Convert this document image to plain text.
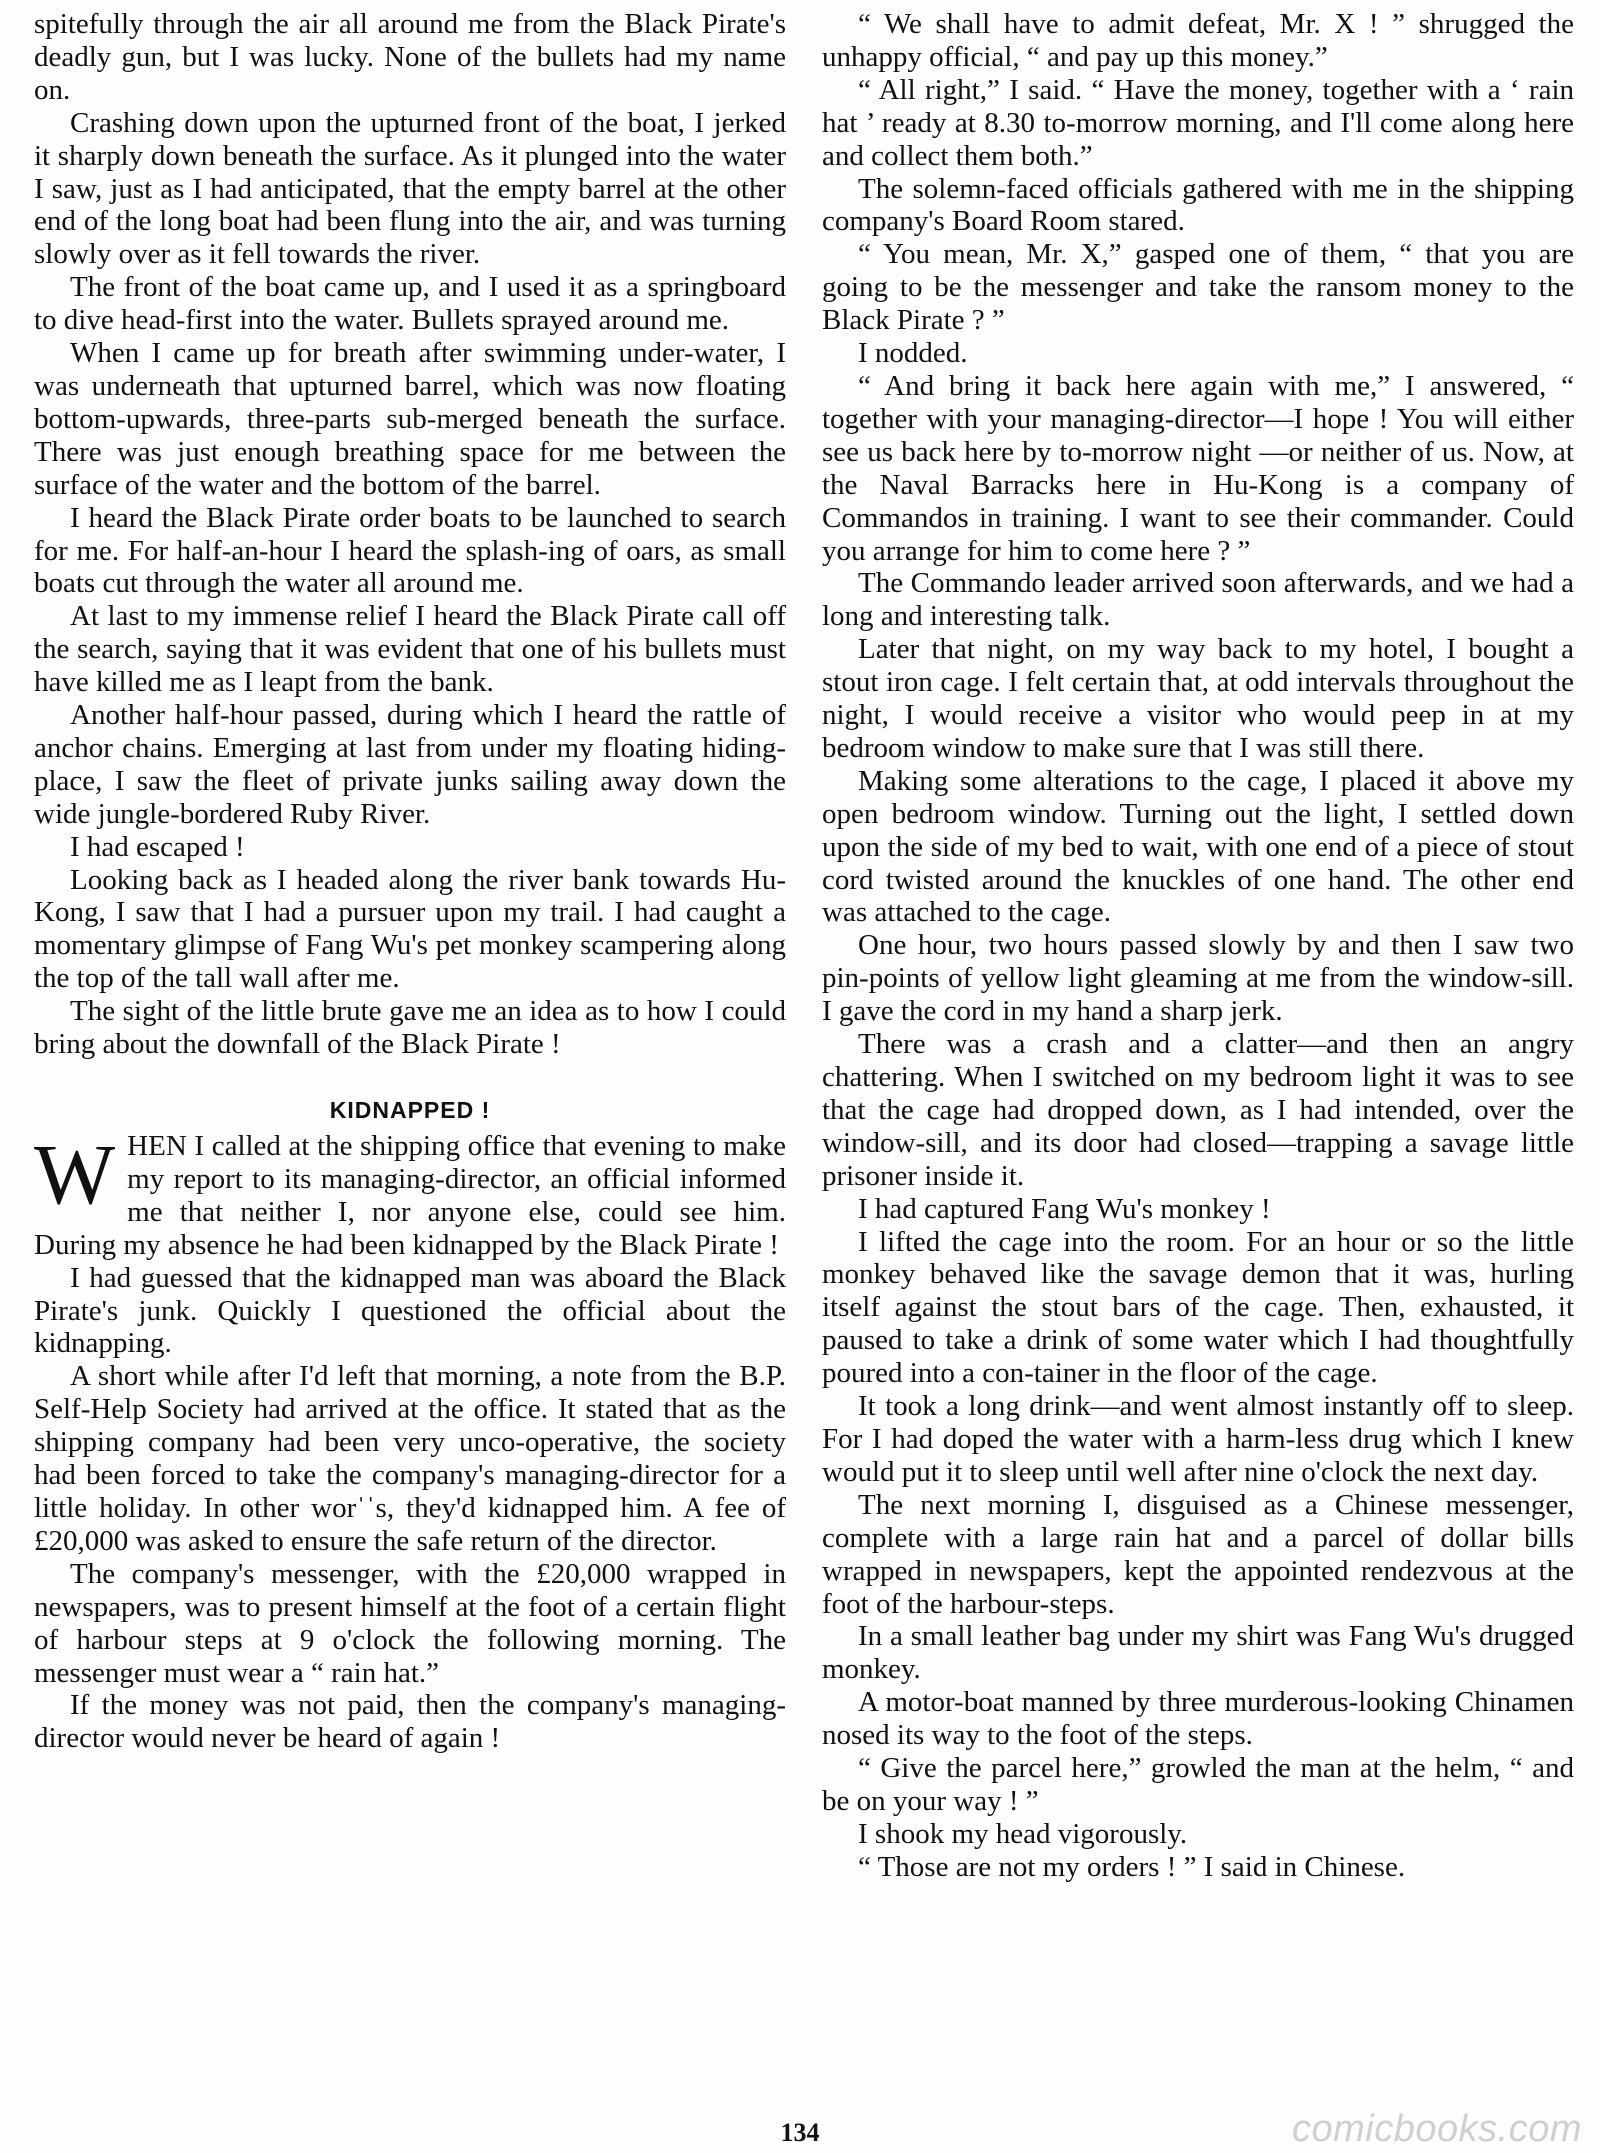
spitefully through the air all around me from the Black Pirate's deadly gun, but I was lucky. None of the bullets had my name on.

Crashing down upon the upturned front of the boat, I jerked it sharply down beneath the surface. As it plunged into the water I saw, just as I had anticipated, that the empty barrel at the other end of the long boat had been flung into the air, and was turning slowly over as it fell towards the river.

The front of the boat came up, and I used it as a springboard to dive head-first into the water. Bullets sprayed around me.

When I came up for breath after swimming under-water, I was underneath that upturned barrel, which was now floating bottom-upwards, three-parts sub-merged beneath the surface. There was just enough breathing space for me between the surface of the water and the bottom of the barrel.

I heard the Black Pirate order boats to be launched to search for me. For half-an-hour I heard the splash-ing of oars, as small boats cut through the water all around me.

At last to my immense relief I heard the Black Pirate call off the search, saying that it was evident that one of his bullets must have killed me as I leapt from the bank.

Another half-hour passed, during which I heard the rattle of anchor chains. Emerging at last from under my floating hiding-place, I saw the fleet of private junks sailing away down the wide jungle-bordered Ruby River.

I had escaped !

Looking back as I headed along the river bank towards Hu-Kong, I saw that I had a pursuer upon my trail. I had caught a momentary glimpse of Fang Wu's pet monkey scampering along the top of the tall wall after me.

The sight of the little brute gave me an idea as to how I could bring about the downfall of the Black Pirate !

KIDNAPPED !

WHEN I called at the shipping office that evening to make my report to its managing-director, an official informed me that neither I, nor anyone else, could see him. During my absence he had been kidnapped by the Black Pirate !

I had guessed that the kidnapped man was aboard the Black Pirate's junk. Quickly I questioned the official about the kidnapping.

A short while after I'd left that morning, a note from the B.P. Self-Help Society had arrived at the office. It stated that as the shipping company had been very unco-operative, the society had been forced to take the company's managing-director for a little holiday. In other worˈˈs, they'd kidnapped him. A fee of £20,000 was asked to ensure the safe return of the director.

The company's messenger, with the £20,000 wrapped in newspapers, was to present himself at the foot of a certain flight of harbour steps at 9 o'clock the following morning. The messenger must wear a “ rain hat.”

If the money was not paid, then the company's managing-director would never be heard of again !

“ We shall have to admit defeat, Mr. X ! ” shrugged the unhappy official, “ and pay up this money.”

“ All right,” I said. “ Have the money, together with a ‘ rain hat ’ ready at 8.30 to-morrow morning, and I'll come along here and collect them both.”

The solemn-faced officials gathered with me in the shipping company's Board Room stared.

“ You mean, Mr. X,” gasped one of them, “ that you are going to be the messenger and take the ransom money to the Black Pirate ? ”

I nodded.

“ And bring it back here again with me,” I answered, “ together with your managing-director—I hope ! You will either see us back here by to-morrow night —or neither of us. Now, at the Naval Barracks here in Hu-Kong is a company of Commandos in training. I want to see their commander. Could you arrange for him to come here ? ”

The Commando leader arrived soon afterwards, and we had a long and interesting talk.

Later that night, on my way back to my hotel, I bought a stout iron cage. I felt certain that, at odd intervals throughout the night, I would receive a visitor who would peep in at my bedroom window to make sure that I was still there.

Making some alterations to the cage, I placed it above my open bedroom window. Turning out the light, I settled down upon the side of my bed to wait, with one end of a piece of stout cord twisted around the knuckles of one hand. The other end was attached to the cage.

One hour, two hours passed slowly by and then I saw two pin-points of yellow light gleaming at me from the window-sill. I gave the cord in my hand a sharp jerk.

There was a crash and a clatter—and then an angry chattering. When I switched on my bedroom light it was to see that the cage had dropped down, as I had intended, over the window-sill, and its door had closed—trapping a savage little prisoner inside it.

I had captured Fang Wu's monkey !

I lifted the cage into the room. For an hour or so the little monkey behaved like the savage demon that it was, hurling itself against the stout bars of the cage. Then, exhausted, it paused to take a drink of some water which I had thoughtfully poured into a con-tainer in the floor of the cage.

It took a long drink—and went almost instantly off to sleep. For I had doped the water with a harm-less drug which I knew would put it to sleep until well after nine o'clock the next day.

The next morning I, disguised as a Chinese messenger, complete with a large rain hat and a parcel of dollar bills wrapped in newspapers, kept the appointed rendezvous at the foot of the harbour-steps.

In a small leather bag under my shirt was Fang Wu's drugged monkey.

A motor-boat manned by three murderous-looking Chinamen nosed its way to the foot of the steps.

“ Give the parcel here,” growled the man at the helm, “ and be on your way ! ”

I shook my head vigorously.

“ Those are not my orders ! ” I said in Chinese.

134	comicbooks.com
